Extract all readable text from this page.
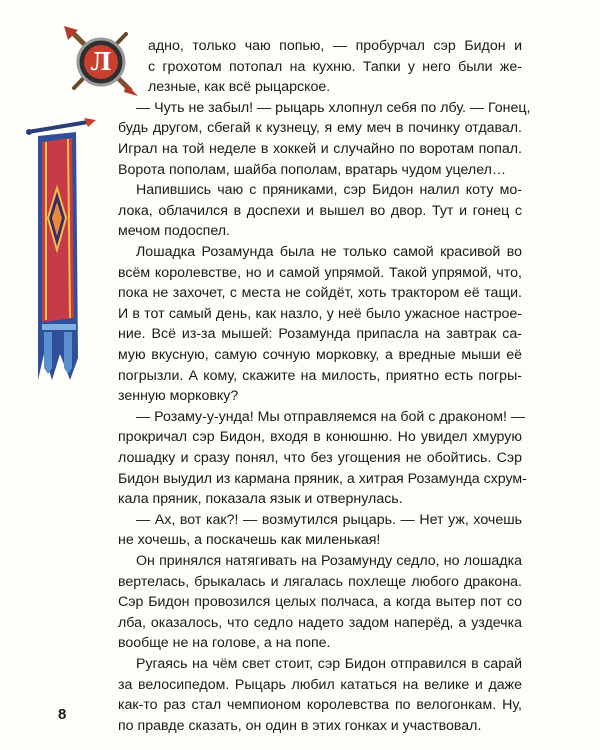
Л
адно, только чаю попью, — пробурчал сэр Бидон и
с грохотом потопал на кухню. Тапки у него были же-
лезные, как всё рыцарское.
— Чуть не забыл! — рыцарь хлопнул себя по лбу. — Гонец,
будь другом, сбегай к кузнецу, я ему меч в починку отдавал.
Играл на той неделе в хоккей и случайно по воротам попал.
Ворота пополам, шайба пополам, вратарь чудом уцелел…
Напившись чаю с пряниками, сэр Бидон налил коту мо-
лока, облачился в доспехи и вышел во двор. Тут и гонец с
мечом подоспел.
Лошадка Розамунда была не только самой красивой во
всём королевстве, но и самой упрямой. Такой упрямой, что,
пока не захочет, с места не сойдёт, хоть трактором её тащи.
И в тот самый день, как назло, у неё было ужасное настрое-
ние. Всё из-за мышей: Розамунда припасла на завтрак са-
мую вкусную, самую сочную морковку, а вредные мыши её
погрызли. А кому, скажите на милость, приятно есть погры-
зенную морковку?
— Розаму-у-унда! Мы отправляемся на бой с драконом! —
прокричал сэр Бидон, входя в конюшню. Но увидел хмурую
лошадку и сразу понял, что без угощения не обойтись. Сэр
Бидон выудил из кармана пряник, а хитрая Розамунда схрум-
кала пряник, показала язык и отвернулась.
— Ах, вот как?! — возмутился рыцарь. — Нет уж, хочешь
не хочешь, а поскачешь как миленькая!
Он принялся натягивать на Розамунду седло, но лошадка
вертелась, брыкалась и лягалась похлеще любого дракона.
Сэр Бидон провозился целых полчаса, а когда вытер пот со
лба, оказалось, что седло надето задом наперёд, а уздечка
вообще не на голове, а на попе.
Ругаясь на чём свет стоит, сэр Бидон отправился в сарай
за велосипедом. Рыцарь любил кататься на велике и даже
как-то раз стал чемпионом королевства по велогонкам. Ну,
по правде сказать, он один в этих гонках и участвовал.
8
